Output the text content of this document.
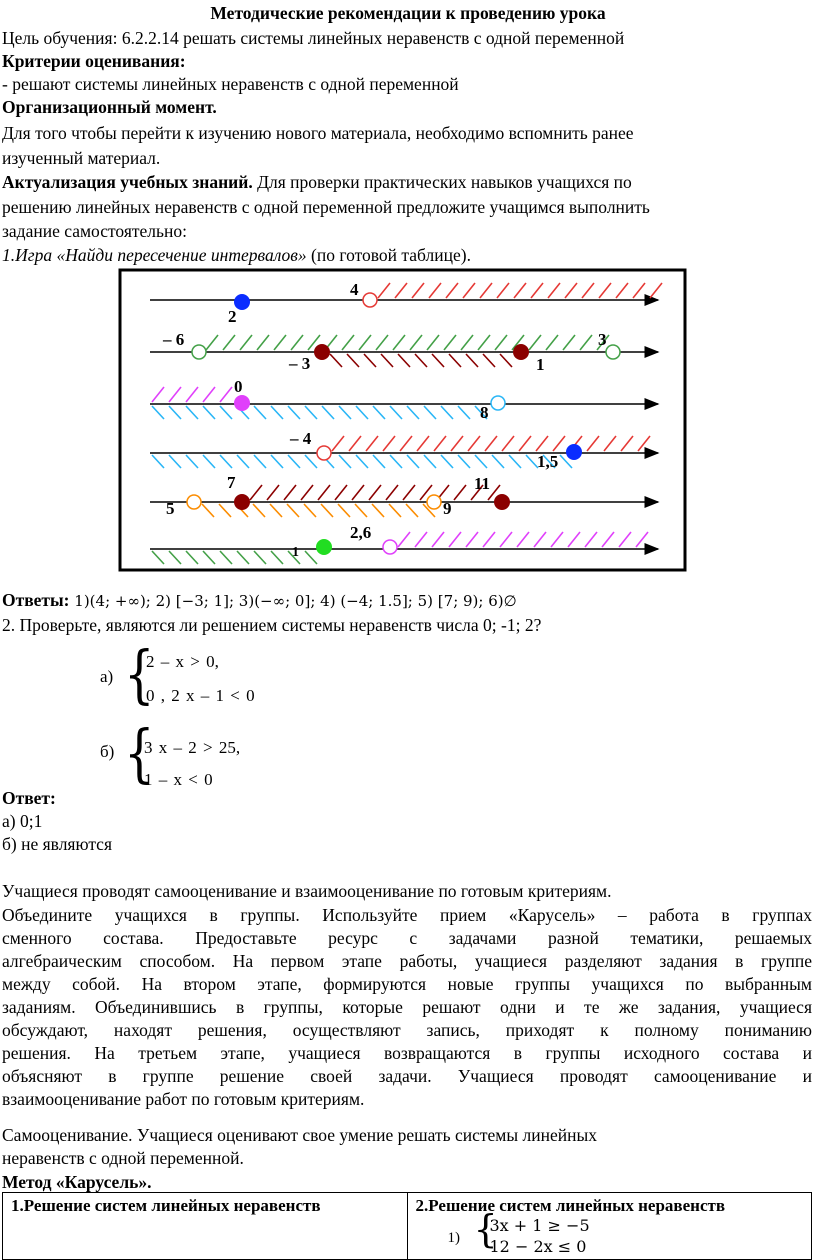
Методические рекомендации к проведению урока
Цель обучения: 6.2.2.14 решать системы линейных неравенств с одной переменной
Критерии оценивания:
- решают системы линейных неравенств с одной переменной
Организационный момент.
Для того чтобы перейти к изучению нового материала, необходимо вспомнить ранее
изученный материал.
Актуализация учебных знаний. Для проверки практических навыков учащихся по
решению линейных неравенств с одной переменной предложите учащимся выполнить
задание самостоятельно:
1.Игра «Найди пересечение интервалов» (по готовой таблице).
4
2
– 6
– 3	1
3
0
8
– 4
1,5
7
5
11
9
2,6
1
Ответы: 1)(4; +∞); 2) [−3; 1]; 3)(−∞; 0]; 4) (−4; 1.5]; 5) [7; 9); 6)∅
2. Проверьте, являются ли решением системы неравенств числа 0; -1; 2?
а) {
2 – x > 0,
0 , 2 x – 1 < 0
б) {
3 x – 2 > 25,
1 – x < 0
Ответ:
а) 0;1
б) не являются
Учащиеся проводят самооценивание и взаимооценивание по готовым критериям.

Объедините учащихся в группы. Используйте прием «Карусель» – работа в группах

сменного состава. Предоставьте ресурс с задачами разной тематики, решаемых

алгебраическим способом. На первом этапе работы, учащиеся разделяют задания в группе

между собой. На втором этапе, формируются новые группы учащихся по выбранным

заданиям. Объединившись в группы, которые решают одни и те же задания, учащиеся

обсуждают, находят решения, осуществляют запись, приходят к полному пониманию

решения. На третьем этапе, учащиеся возвращаются в группы исходного состава и

объясняют в группе решение своей задачи. Учащиеся проводят самооценивание и

взаимооценивание работ по готовым критериям.

Самооценивание. Учащиеся оценивают свое умение решать системы линейных
неравенств с одной переменной.
Метод «Карусель».
1.Решение систем линейных неравенств	2.Решение систем линейных неравенств
1) {
3x + 1 ≥ −5
12 − 2x ≤ 0
